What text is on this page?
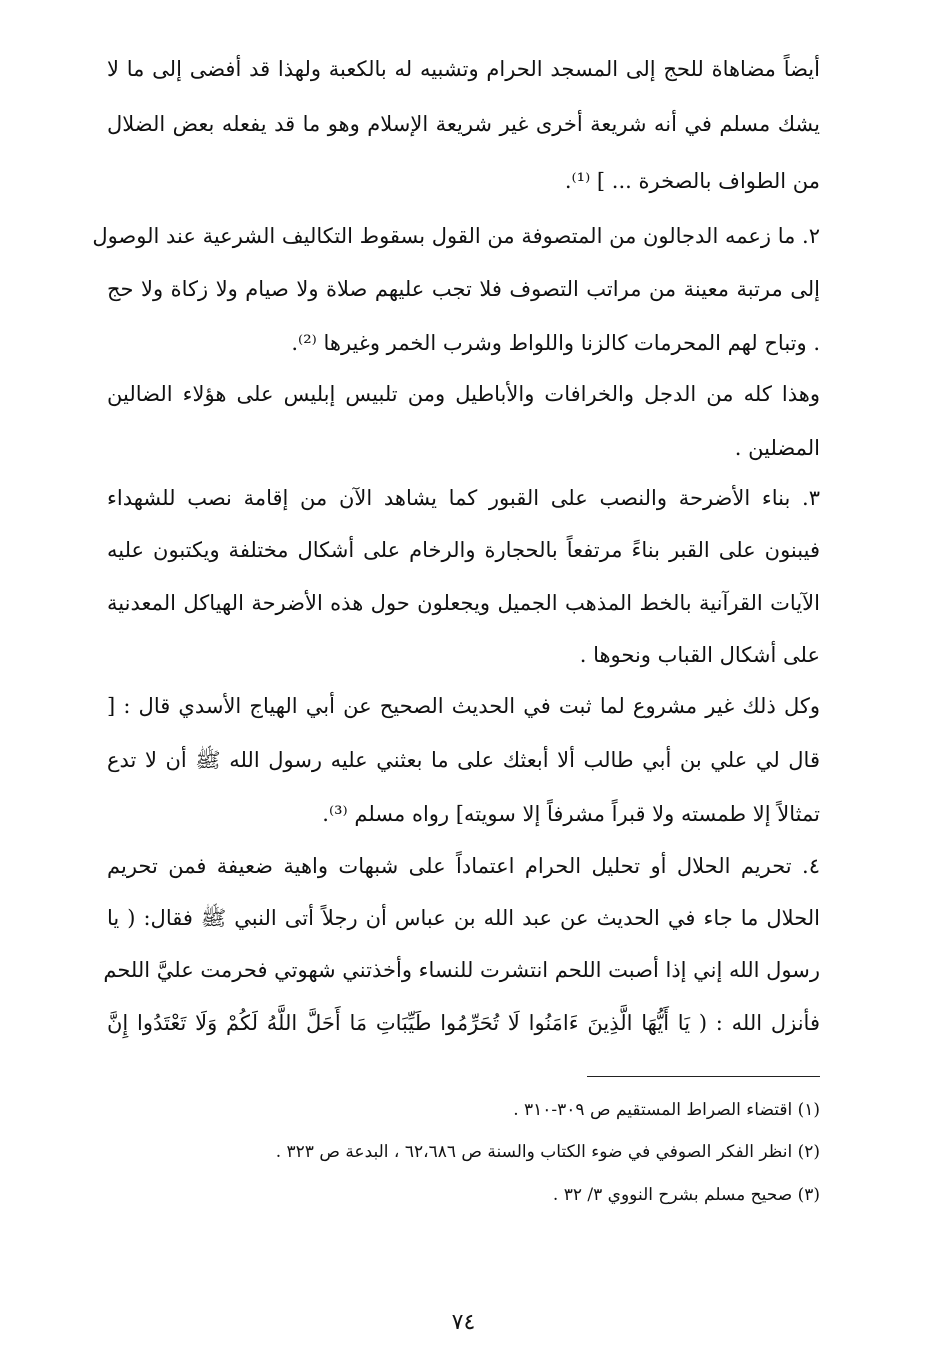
أيضاً مضاهاة للحج إلى المسجد الحرام وتشبيه له بالكعبة ولهذا قد أفضى إلى ما لا
يشك مسلم في أنه شريعة أخرى غير شريعة الإسلام وهو ما قد يفعله بعض الضلال
من الطواف بالصخرة ... ] ⁽¹⁾.
٢. ما زعمه الدجالون من المتصوفة من القول بسقوط التكاليف الشرعية عند الوصول
إلى مرتبة معينة من مراتب التصوف فلا تجب عليهم صلاة ولا صيام ولا زكاة ولا حج
. وتباح لهم المحرمات كالزنا واللواط وشرب الخمر وغيرها ⁽²⁾.
وهذا كله من الدجل والخرافات والأباطيل ومن تلبيس إبليس على هؤلاء الضالين
المضلين .
٣. بناء الأضرحة والنصب على القبور كما يشاهد الآن من إقامة نصب للشهداء
فيبنون على القبر بناءً مرتفعاً بالحجارة والرخام على أشكال مختلفة ويكتبون عليه
الآيات القرآنية بالخط المذهب الجميل ويجعلون حول هذه الأضرحة الهياكل المعدنية
على أشكال القباب ونحوها .
وكل ذلك غير مشروع لما ثبت في الحديث الصحيح عن أبي الهياج الأسدي قال : [
قال لي علي بن أبي طالب ألا أبعثك على ما بعثني عليه رسول الله ﷺ أن لا تدع
تمثالاً إلا طمسته ولا قبراً مشرفاً إلا سويته] رواه مسلم ⁽³⁾.
٤. تحريم الحلال أو تحليل الحرام اعتماداً على شبهات واهية ضعيفة فمن تحريم
الحلال ما جاء في الحديث عن عبد الله بن عباس أن رجلاً أتى النبي ﷺ فقال: ( يا
رسول الله إني إذا أصبت اللحم انتشرت للنساء وأخذتني شهوتي فحرمت عليَّ اللحم
فأنزل الله : ( يَا أَيُّهَا الَّذِينَ ءَامَنُوا لَا تُحَرِّمُوا طَيِّبَاتِ مَا أَحَلَّ اللَّهُ لَكُمْ وَلَا تَعْتَدُوا إِنَّ
(١) اقتضاء الصراط المستقيم ص ٣٠٩-٣١٠ .
(٢) انظر الفكر الصوفي في ضوء الكتاب والسنة ص ٦٢،٦٨٦ ، البدعة ص ٣٢٣ .
(٣) صحيح مسلم بشرح النووي ٣/ ٣٢ .
٧٤
